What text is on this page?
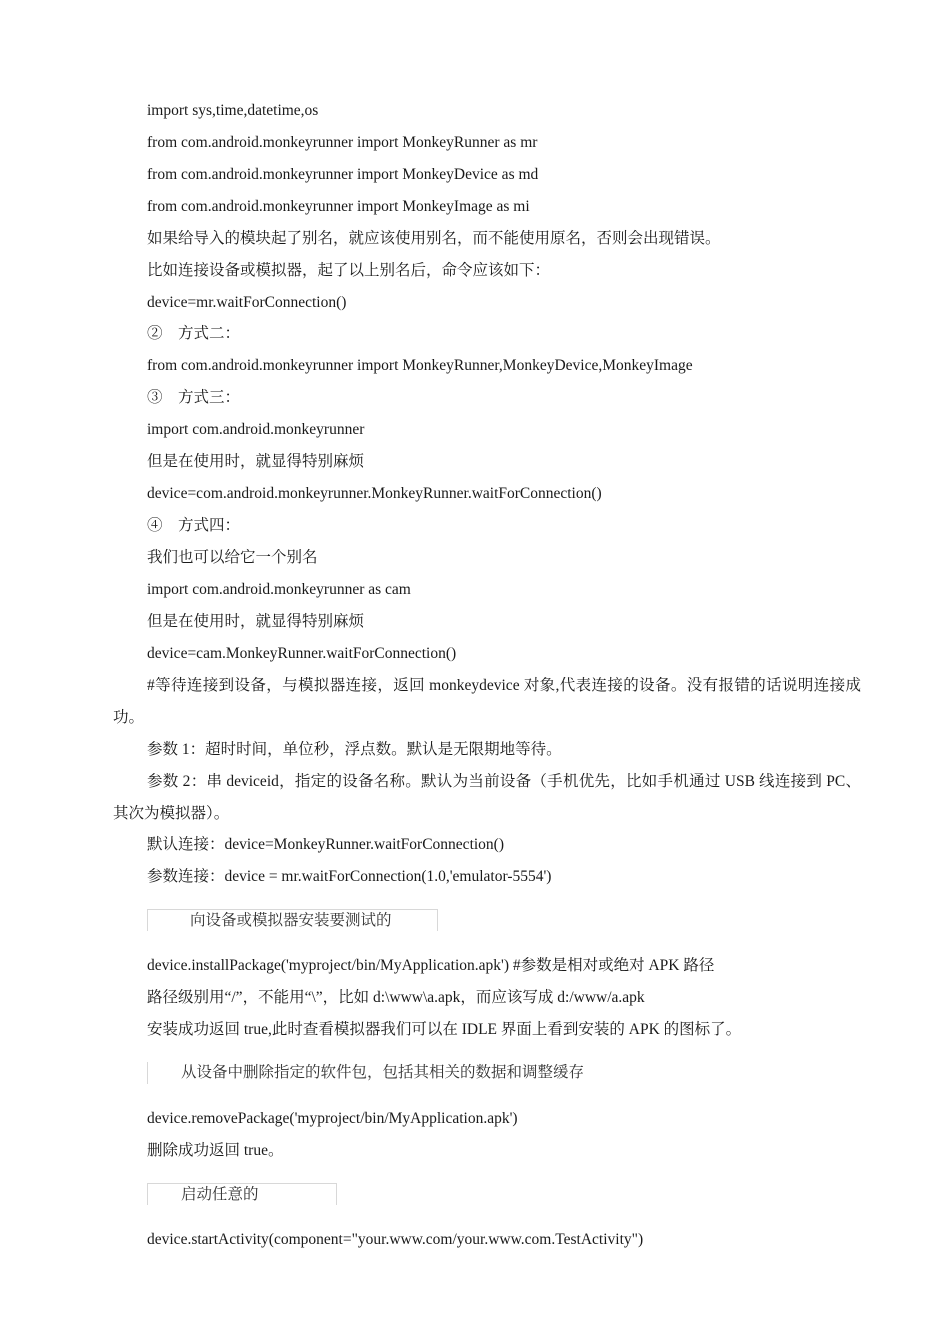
import sys,time,datetime,os
from com.android.monkeyrunner import MonkeyRunner as mr
from com.android.monkeyrunner import MonkeyDevice as md
from com.android.monkeyrunner import MonkeyImage as mi
如果给导入的模块起了别名，就应该使用别名，而不能使用原名，否则会出现错误。
比如连接设备或模拟器，起了以上别名后，命令应该如下：
device=mr.waitForConnection()
②　方式二：
from com.android.monkeyrunner import MonkeyRunner,MonkeyDevice,MonkeyImage
③　方式三：
import com.android.monkeyrunner
但是在使用时，就显得特别麻烦
device=com.android.monkeyrunner.MonkeyRunner.waitForConnection()
④　方式四：
我们也可以给它一个别名
import com.android.monkeyrunner as cam
但是在使用时，就显得特别麻烦
device=cam.MonkeyRunner.waitForConnection()
#等待连接到设备，与模拟器连接，返回 monkeydevice 对象,代表连接的设备。没有报错的话说明连接成功。
参数 1：超时时间，单位秒，浮点数。默认是无限期地等待。
参数 2：串 deviceid，指定的设备名称。默认为当前设备（手机优先，比如手机通过 USB 线连接到 PC、其次为模拟器）。
默认连接：device=MonkeyRunner.waitForConnection()
参数连接：device = mr.waitForConnection(1.0,'emulator-5554')
向设备或模拟器安装要测试的
device.installPackage('myproject/bin/MyApplication.apk') #参数是相对或绝对 APK 路径
路径级别用“/”，不能用“\”，比如 d:\www\a.apk，而应该写成 d:/www/a.apk
安装成功返回 true,此时查看模拟器我们可以在 IDLE 界面上看到安装的 APK 的图标了。
从设备中删除指定的软件包，包括其相关的数据和调整缓存
device.removePackage('myproject/bin/MyApplication.apk')
删除成功返回 true。
启动任意的
device.startActivity(component="your.www.com/your.www.com.TestActivity")
